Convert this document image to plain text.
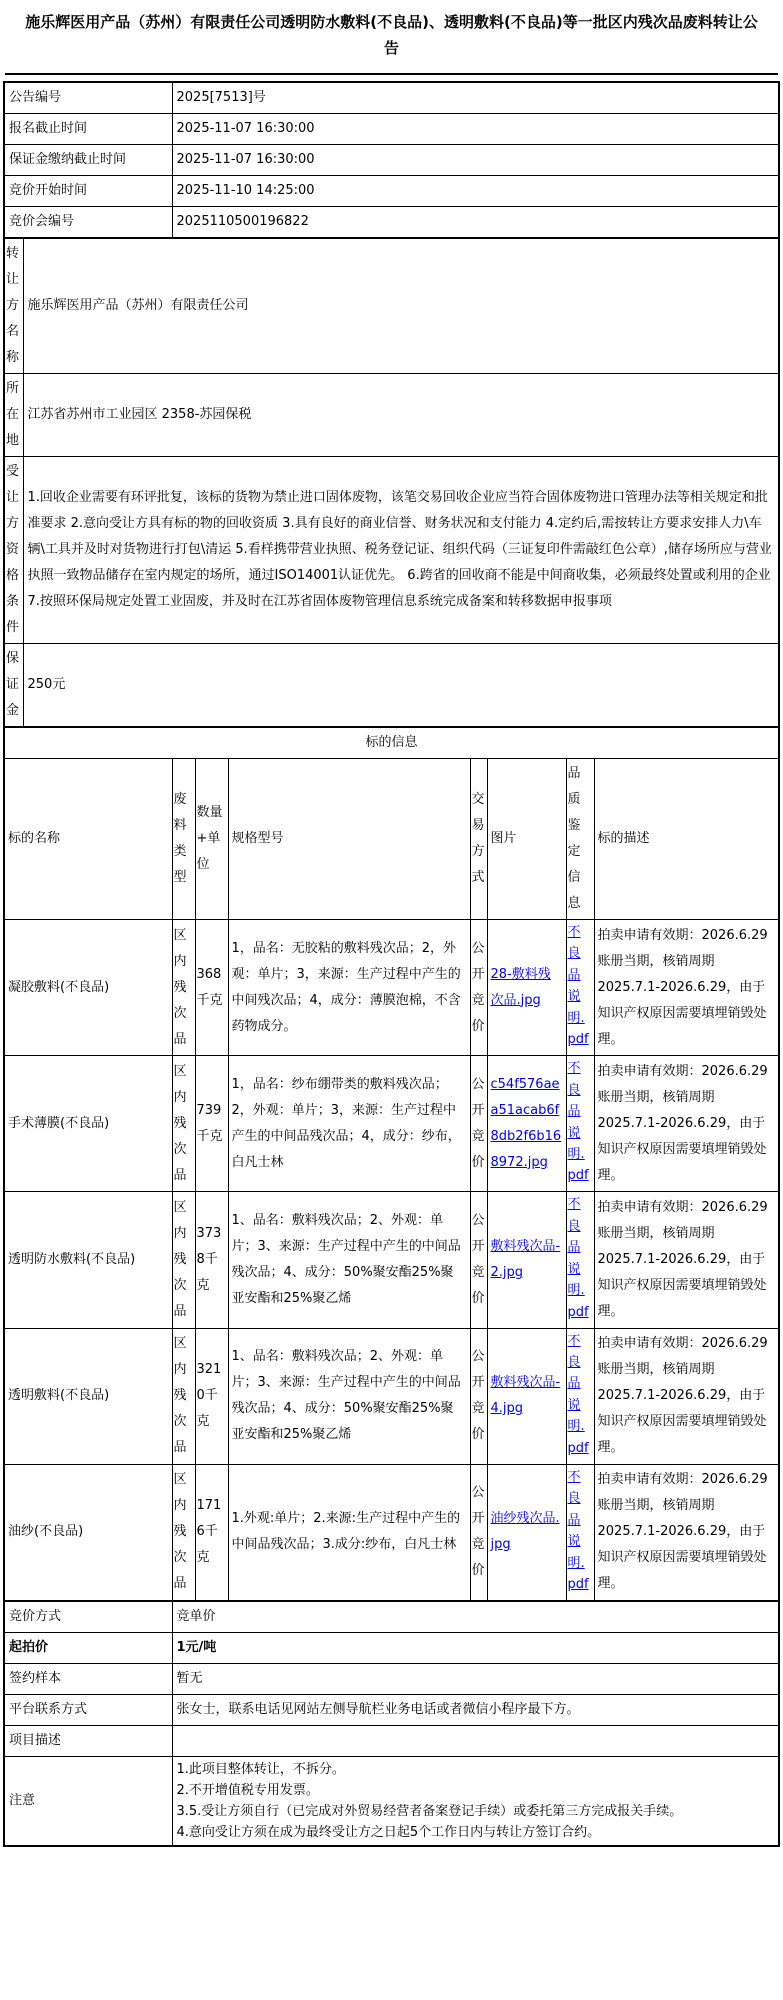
施乐辉医用产品（苏州）有限责任公司透明防水敷料(不良品)、透明敷料(不良品)等一批区内残次品废料转让公告
公告编号	2025[7513]号
报名截止时间	2025-11-07 16:30:00
保证金缴纳截止时间	2025-11-07 16:30:00
竞价开始时间	2025-11-10 14:25:00
竞价会编号	2025110500196822
转让方名称	施乐辉医用产品（苏州）有限责任公司
所在地	江苏省苏州市工业园区 2358-苏园保税
受让方资格条件	1.回收企业需要有环评批复，该标的货物为禁止进口固体废物，该笔交易回收企业应当符合固体废物进口管理办法等相关规定和批准要求 2.意向受让方具有标的物的回收资质 3.具有良好的商业信誉、财务状况和支付能力 4.定约后,需按转让方要求安排人力\车辆\工具并及时对货物进行打包\清运 5.看样携带营业执照、税务登记证、组织代码（三证复印件需敲红色公章）,储存场所应与营业执照一致物品储存在室内规定的场所，通过ISO14001认证优先。 6.跨省的回收商不能是中间商收集，必须最终处置或利用的企业 7.按照环保局规定处置工业固废，并及时在江苏省固体废物管理信息系统完成备案和转移数据申报事项
保证金	250元
标的信息							
标的名称	废料类型	数量+单位	规格型号	交易方式	图片	品质鉴定信息	标的描述
凝胶敷料(不良品)	区内残次品	368千克	1，品名：无胶粘的敷料残次品；2，外观：单片；3，来源：生产过程中产生的中间残次品；4，成分：薄膜泡棉，不含药物成分。	公开竞价	28-敷料残次品.jpg	不良品说明.pdf	拍卖申请有效期：2026.6.29 账册当期，核销周期 2025.7.1-2026.6.29，由于知识产权原因需要填埋销毁处理。
手术薄膜(不良品)	区内残次品	739千克	1，品名：纱布绷带类的敷料残次品；2，外观：单片；3，来源：生产过程中产生的中间品残次品；4，成分：纱布，白凡士林	公开竞价	c54f576aea51acab6f8db2f6b168972.jpg	不良品说明.pdf	拍卖申请有效期：2026.6.29 账册当期，核销周期 2025.7.1-2026.6.29，由于知识产权原因需要填埋销毁处理。
透明防水敷料(不良品)	区内残次品	3738千克	1、品名：敷料残次品；2、外观：单片；3、来源：生产过程中产生的中间品残次品；4、成分：50%聚安酯25%聚亚安酯和25%聚乙烯	公开竞价	敷料残次品-2.jpg	不良品说明.pdf	拍卖申请有效期：2026.6.29 账册当期，核销周期 2025.7.1-2026.6.29，由于知识产权原因需要填埋销毁处理。
透明敷料(不良品)	区内残次品	3210千克	1、品名：敷料残次品；2、外观：单片；3、来源：生产过程中产生的中间品残次品；4、成分：50%聚安酯25%聚亚安酯和25%聚乙烯	公开竞价	敷料残次品-4.jpg	不良品说明.pdf	拍卖申请有效期：2026.6.29 账册当期，核销周期 2025.7.1-2026.6.29，由于知识产权原因需要填埋销毁处理。
油纱(不良品)	区内残次品	1716千克	1.外观:单片；2.来源:生产过程中产生的中间品残次品；3.成分:纱布，白凡士林	公开竞价	油纱残次品.jpg	不良品说明.pdf	拍卖申请有效期：2026.6.29 账册当期，核销周期 2025.7.1-2026.6.29，由于知识产权原因需要填埋销毁处理。
竞价方式	竞单价
起拍价	1元/吨
签约样本	暂无
平台联系方式	张女士，联系电话见网站左侧导航栏业务电话或者微信小程序最下方。
项目描述	
注意	1.此项目整体转让，不拆分。
2.不开增值税专用发票。
3.5.受让方须自行（已完成对外贸易经营者备案登记手续）或委托第三方完成报关手续。
4.意向受让方须在成为最终受让方之日起5个工作日内与转让方签订合约。
